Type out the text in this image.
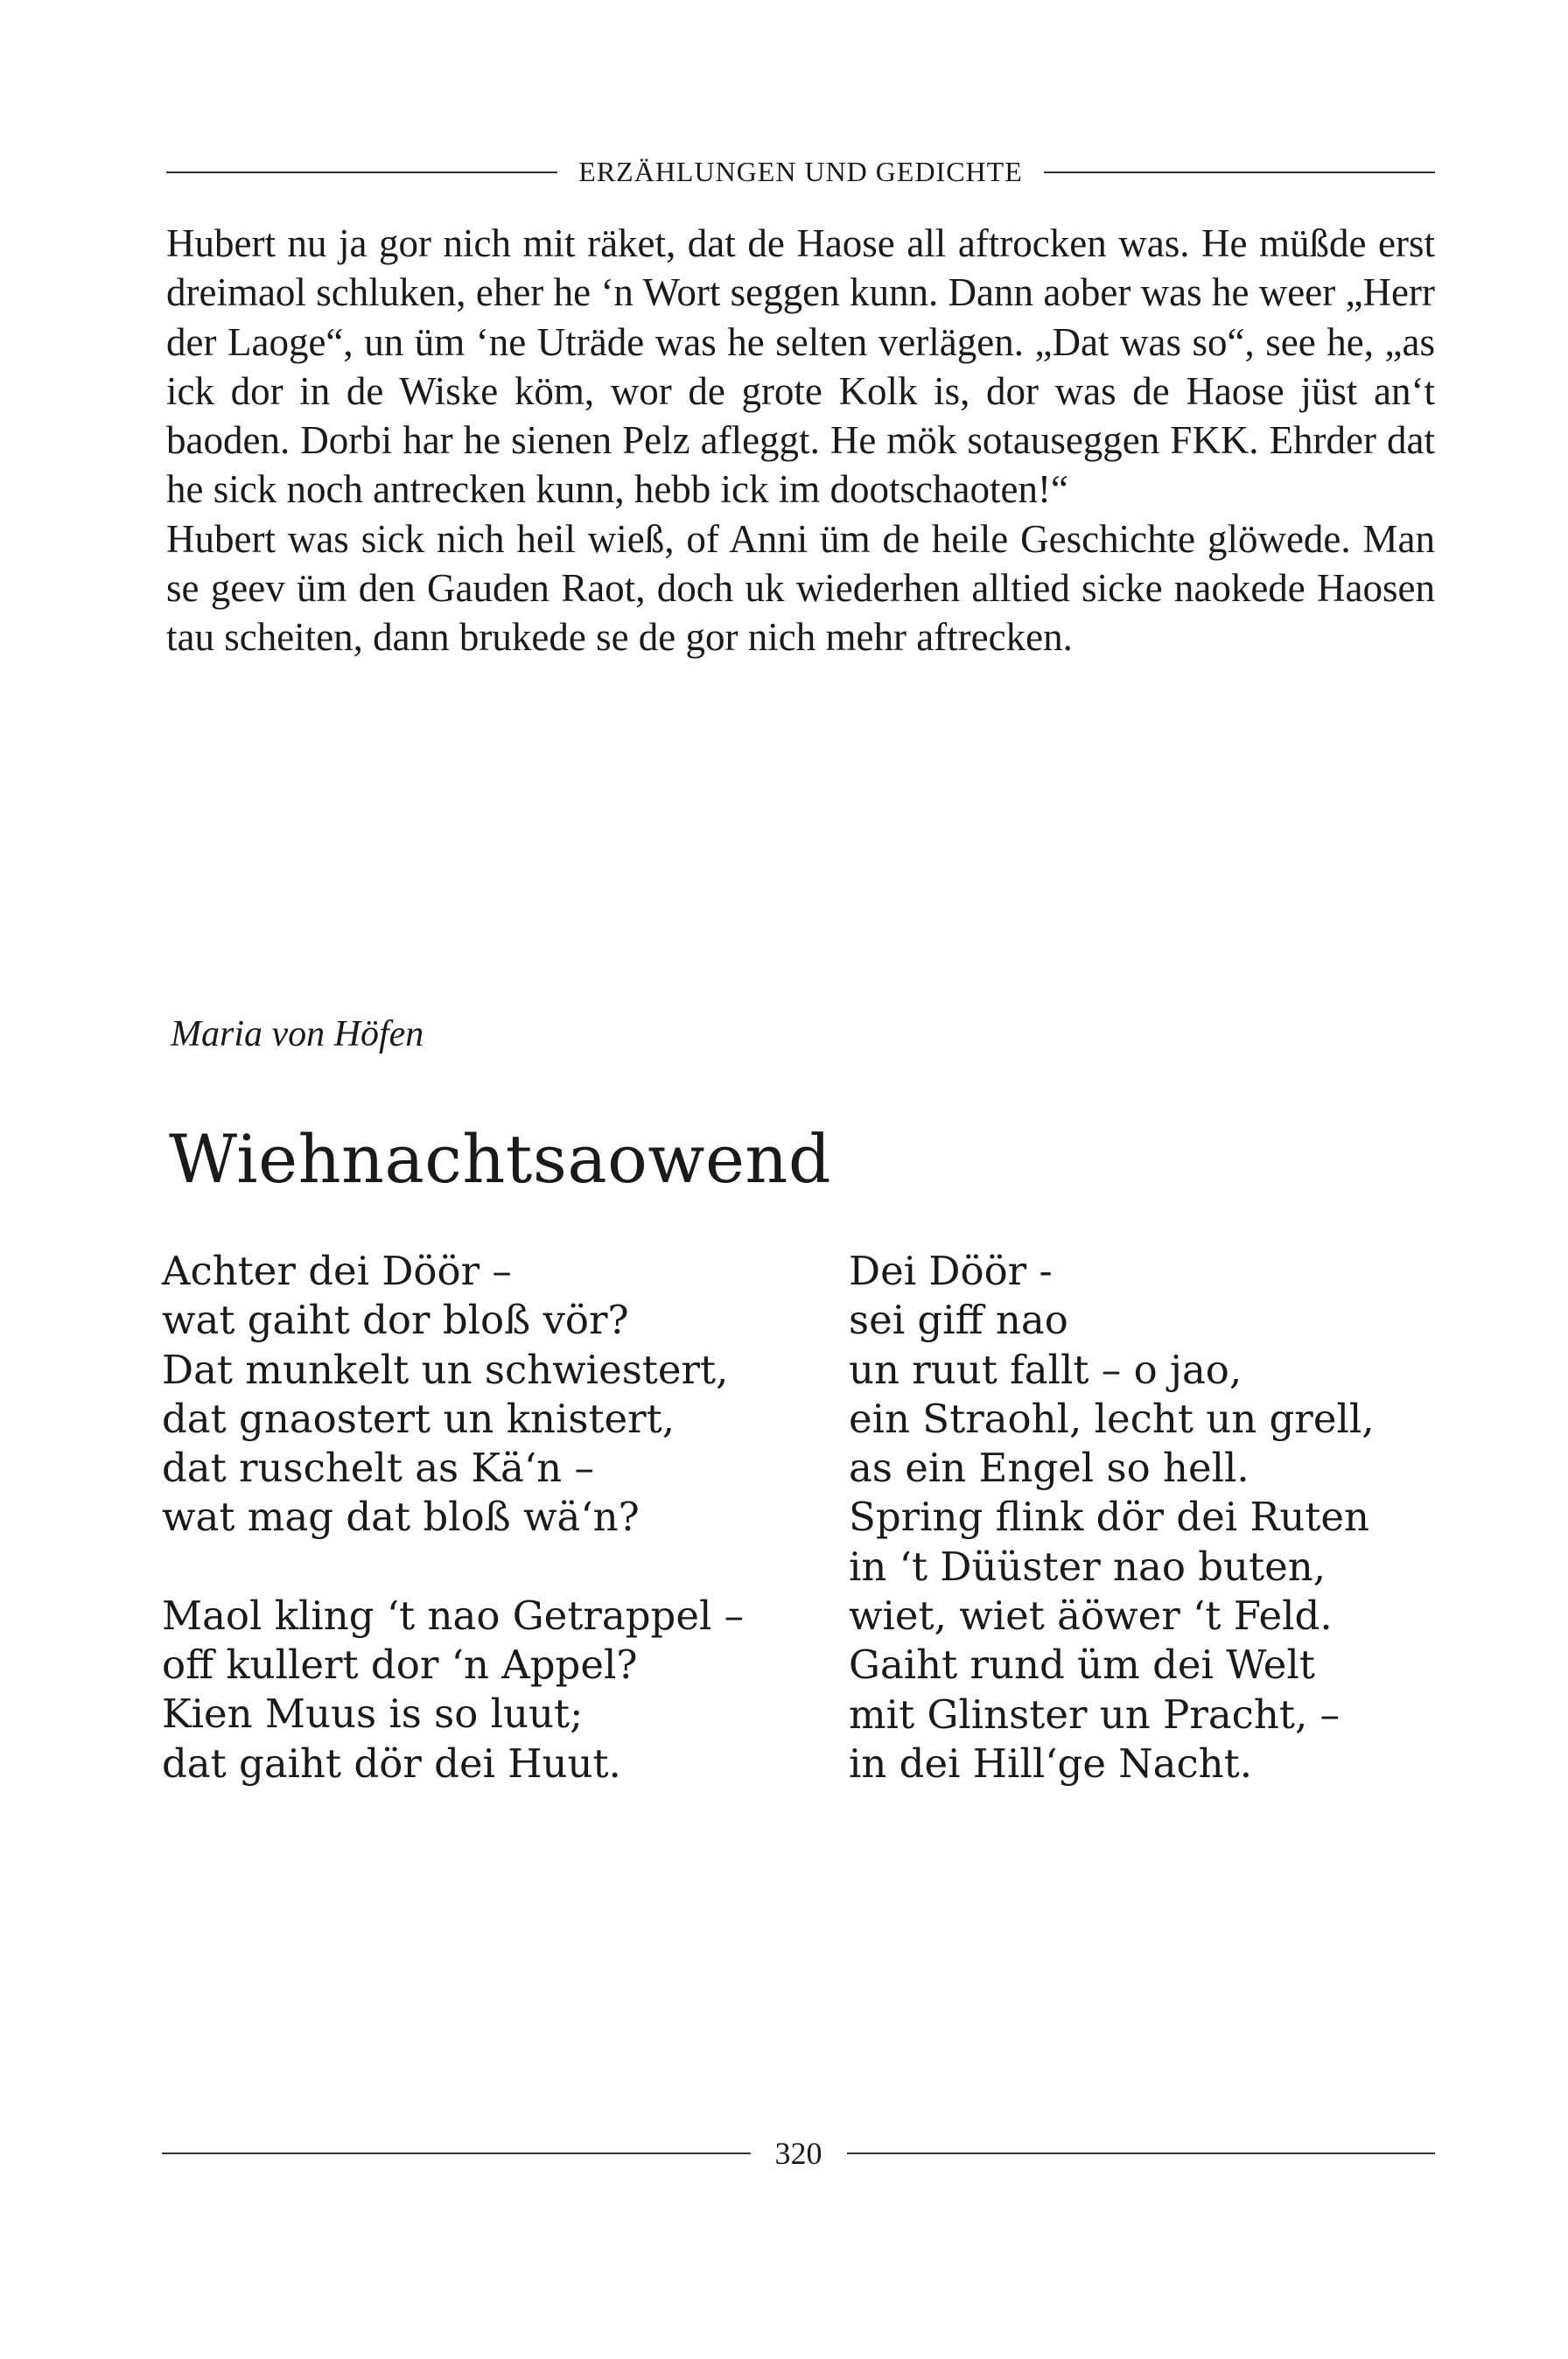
ERZÄHLUNGEN UND GEDICHTE

Hubert nu ja gor nich mit räket, dat de Haose all aftrocken was. He müßde erst dreimaol schluken, eher he ‘n Wort seggen kunn. Dann aober was he weer „Herr der Laoge“, un üm ‘ne Uträde was he selten verlägen. „Dat was so“, see he, „as ick dor in de Wiske köm, wor de grote Kolk is, dor was de Haose jüst an‘t baoden. Dorbi har he sienen Pelz afleggt. He mök sotauseggen FKK. Ehrder dat he sick noch antrecken kunn, hebb ick im dootschaoten!“

Hubert was sick nich heil wieß, of Anni üm de heile Geschichte glöwede. Man se geev üm den Gauden Raot, doch uk wiederhen alltied sicke naokede Haosen tau scheiten, dann brukede se de gor nich mehr aftrecken.

Maria von Höfen
Wiehnachtsaowend
Achter dei Döör –
wat gaiht dor bloß vör?
Dat munkelt un schwiestert,
dat gnaostert un knistert,
dat ruschelt as Kä‘n –
wat mag dat bloß wä‘n?
Maol kling ‘t nao Getrappel –
off kullert dor ‘n Appel?
Kien Muus is so luut;
dat gaiht dör dei Huut.
Dei Döör -
sei giff nao
un ruut fallt – o jao,
ein Straohl, lecht un grell,
as ein Engel so hell.
Spring flink dör dei Ruten
in ‘t Düüster nao buten,
wiet, wiet äöwer ‘t Feld.
Gaiht rund üm dei Welt
mit Glinster un Pracht, –
in dei Hill‘ge Nacht.
320
